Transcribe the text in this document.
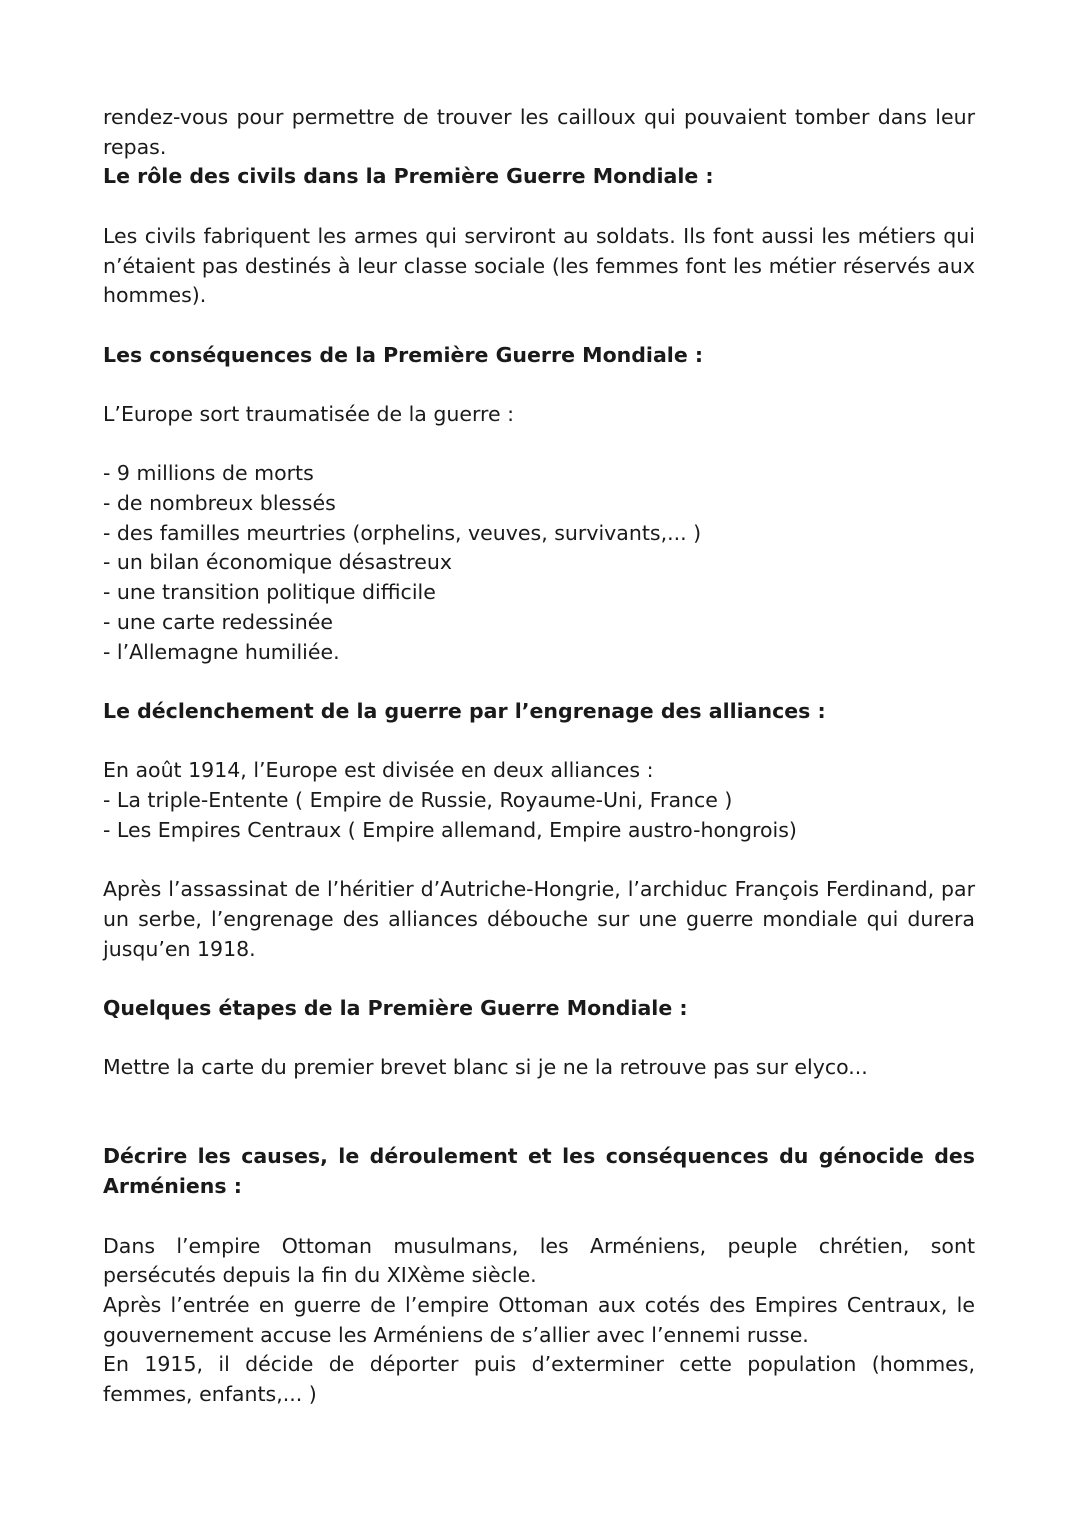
rendez-vous pour permettre de trouver les cailloux qui pouvaient tomber dans leur repas.

Le rôle des civils dans la Première Guerre Mondiale :

Les civils fabriquent les armes qui serviront au soldats. Ils font aussi les métiers qui n’étaient pas destinés à leur classe sociale (les femmes font les métier réservés aux hommes).

Les conséquences de la Première Guerre Mondiale :

L’Europe sort traumatisée de la guerre :

- 9 millions de morts
- de nombreux blessés
- des familles meurtries (orphelins, veuves, survivants,... )
- un bilan économique désastreux
- une transition politique difficile
- une carte redessinée
- l’Allemagne humiliée.
Le déclenchement de la guerre par l’engrenage des alliances :

En août 1914, l’Europe est divisée en deux alliances :

- La triple-Entente ( Empire de Russie, Royaume-Uni, France )
- Les Empires Centraux ( Empire allemand, Empire austro-hongrois)

Après l’assassinat de l’héritier d’Autriche-Hongrie, l’archiduc François Ferdinand, par un serbe, l’engrenage des alliances débouche sur une guerre mondiale qui durera jusqu’en 1918.

Quelques étapes de la Première Guerre Mondiale :

Mettre la carte du premier brevet blanc si je ne la retrouve pas sur elyco...

Décrire les causes, le déroulement et les conséquences du génocide des Arméniens :

Dans l’empire Ottoman musulmans, les Arméniens, peuple chrétien, sont persécutés depuis la fin du XIXème siècle.

Après l’entrée en guerre de l’empire Ottoman aux cotés des Empires Centraux, le gouvernement accuse les Arméniens de s’allier avec l’ennemi russe.

En 1915, il décide de déporter puis d’exterminer cette population (hommes, femmes, enfants,... )
